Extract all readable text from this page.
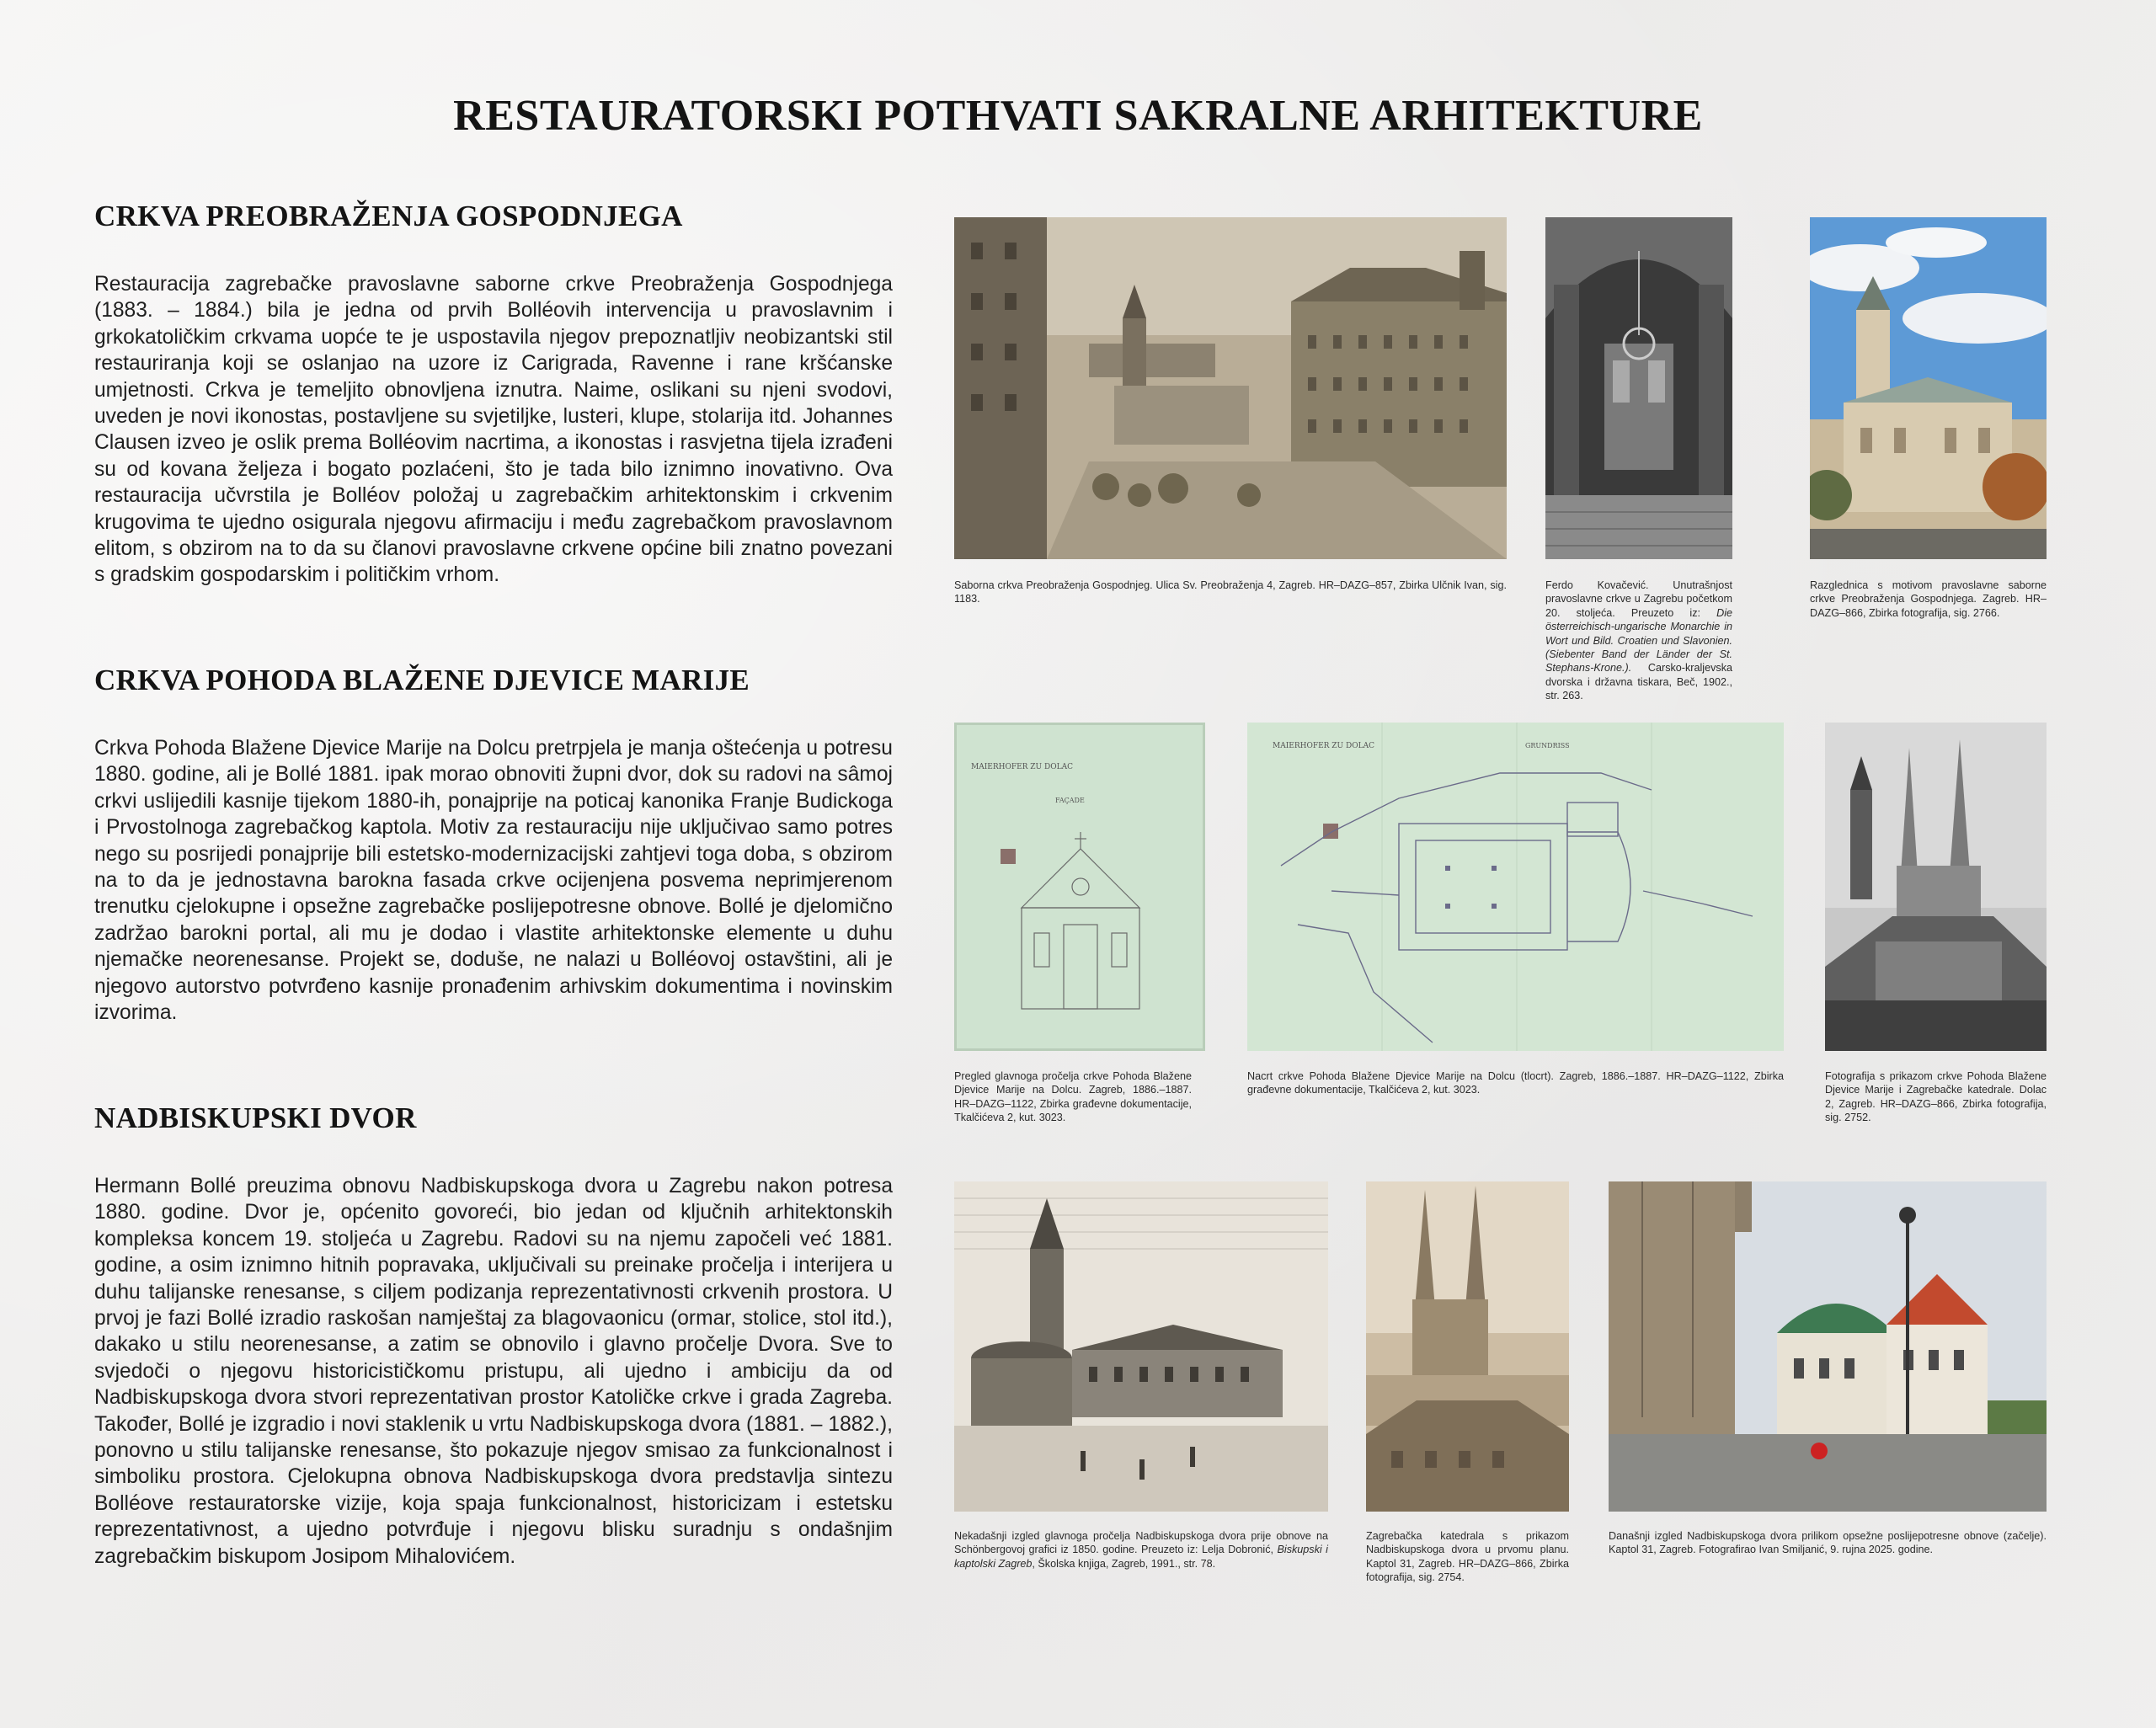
RESTAURATORSKI POTHVATI SAKRALNE ARHITEKTURE
CRKVA PREOBRAŽENJA GOSPODNJEGA

Restauracija zagrebačke pravoslavne saborne crkve Preobraženja Gospodnjega (1883. – 1884.) bila je jedna od prvih Bolléovih intervencija u pravoslavnim i grkokatoličkim crkvama uopće te je uspostavila njegov prepoznatljiv neobizantski stil restauriranja koji se oslanjao na uzore iz Carigrada, Ravenne i rane kršćanske umjetnosti. Crkva je temeljito obnovljena iznutra. Naime, oslikani su njeni svodovi, uveden je novi ikonostas, postavljene su svjetiljke, lusteri, klupe, stolarija itd. Johannes Clausen izveo je oslik prema Bolléovim nacrtima, a ikonostas i rasvjetna tijela izrađeni su od kovana željeza i bogato pozlaćeni, što je tada bilo iznimno inovativno. Ova restauracija učvrstila je Bolléov položaj u zagrebačkim arhitektonskim i crkvenim krugovima te ujedno osigurala njegovu afirmaciju i među zagrebačkom pravoslavnom elitom, s obzirom na to da su članovi pravoslavne crkvene općine bili znatno povezani s gradskim gospodarskim i političkim vrhom.

CRKVA POHODA BLAŽENE DJEVICE MARIJE

Crkva Pohoda Blažene Djevice Marije na Dolcu pretrpjela je manja oštećenja u potresu 1880. godine, ali je Bollé 1881. ipak morao obnoviti župni dvor, dok su radovi na sâmoj crkvi uslijedili kasnije tijekom 1880-ih, ponajprije na poticaj kanonika Franje Budickoga i Prvostolnoga zagrebačkog kaptola. Motiv za restauraciju nije uključivao samo potres nego su posrijedi ponajprije bili estetsko-modernizacijski zahtjevi toga doba, s obzirom na to da je jednostavna barokna fasada crkve ocijenjena posvema neprimjerenom trenutku cjelokupne i opsežne zagrebačke poslijepotresne obnove. Bollé je djelomično zadržao barokni portal, ali mu je dodao i vlastite arhitektonske elemente u duhu njemačke neorenesanse. Projekt se, doduše, ne nalazi u Bolléovoj ostavštini, ali je njegovo autorstvo potvrđeno kasnije pronađenim arhivskim dokumentima i novinskim izvorima.

NADBISKUPSKI DVOR

Hermann Bollé preuzima obnovu Nadbiskupskoga dvora u Zagrebu nakon potresa 1880. godine. Dvor je, općenito govoreći, bio jedan od ključnih arhitektonskih kompleksa koncem 19. stoljeća u Zagrebu. Radovi su na njemu započeli već 1881. godine, a osim iznimno hitnih popravaka, uključivali su preinake pročelja i interijera u duhu talijanske renesanse, s ciljem podizanja reprezentativnosti crkvenih prostora. U prvoj je fazi Bollé izradio raskošan namještaj za blagovaonicu (ormar, stolice, stol itd.), dakako u stilu neorenesanse, a zatim se obnovilo i glavno pročelje Dvora. Sve to svjedoči o njegovu historicističkomu pristupu, ali ujedno i ambiciju da od Nadbiskupskoga dvora stvori reprezentativan prostor Katoličke crkve i grada Zagreba. Također, Bollé je izgradio i novi staklenik u vrtu Nadbiskupskoga dvora (1881. – 1882.), ponovno u stilu talijanske renesanse, što pokazuje njegov smisao za funkcionalnost i simboliku prostora. Cjelokupna obnova Nadbiskupskoga dvora predstavlja sintezu Bolléove restauratorske vizije, koja spaja funkcionalnost, historicizam i estetsku reprezentativnost, a ujedno potvrđuje i njegovu blisku suradnju s ondašnjim zagrebačkim biskupom Josipom Mihalovićem.

Saborna crkva Preobraženja Gospodnjeg. Ulica Sv. Preobraženja 4, Zagreb. HR–DAZG–857, Zbirka Ulčnik Ivan, sig. 1183.

Ferdo Kovačević. Unutrašnjost pravoslavne crkve u Zagrebu početkom 20. stoljeća. Preuzeto iz: Die österreichisch-ungarische Monarchie in Wort und Bild. Croatien und Slavonien. (Siebenter Band der Länder der St. Stephans-Krone.). Carsko-kraljevska dvorska i državna tiskara, Beč, 1902., str. 263.

Razglednica s motivom pravoslavne saborne crkve Preobraženja Gospodnjega. Zagreb. HR–DAZG–866, Zbirka fotografija, sig. 2766.

MAIERHOFER ZU DOLAC
FAÇADE

Pregled glavnoga pročelja crkve Pohoda Blažene Djevice Marije na Dolcu. Zagreb, 1886.–1887. HR–DAZG–1122, Zbirka građevne dokumentacije, Tkalčićeva 2, kut. 3023.

MAIERHOFER ZU DOLAC	GRUNDRISS

Nacrt crkve Pohoda Blažene Djevice Marije na Dolcu (tlocrt). Zagreb, 1886.–1887. HR–DAZG–1122, Zbirka građevne dokumentacije, Tkalčićeva 2, kut. 3023.

Fotografija s prikazom crkve Pohoda Blažene Djevice Marije i Zagrebačke katedrale. Dolac 2, Zagreb. HR–DAZG–866, Zbirka fotografija, sig. 2752.

Nekadašnji izgled glavnoga pročelja Nadbiskupskoga dvora prije obnove na Schönbergovoj grafici iz 1850. godine. Preuzeto iz: Lelja Dobronić, Biskupski i kaptolski Zagreb, Školska knjiga, Zagreb, 1991., str. 78.

Zagrebačka katedrala s prikazom Nadbiskupskoga dvora u prvomu planu. Kaptol 31, Zagreb. HR–DAZG–866, Zbirka fotografija, sig. 2754.

Današnji izgled Nadbiskupskoga dvora prilikom opsežne poslijepotresne obnove (začelje). Kaptol 31, Zagreb. Fotografirao Ivan Smiljanić, 9. rujna 2025. godine.
